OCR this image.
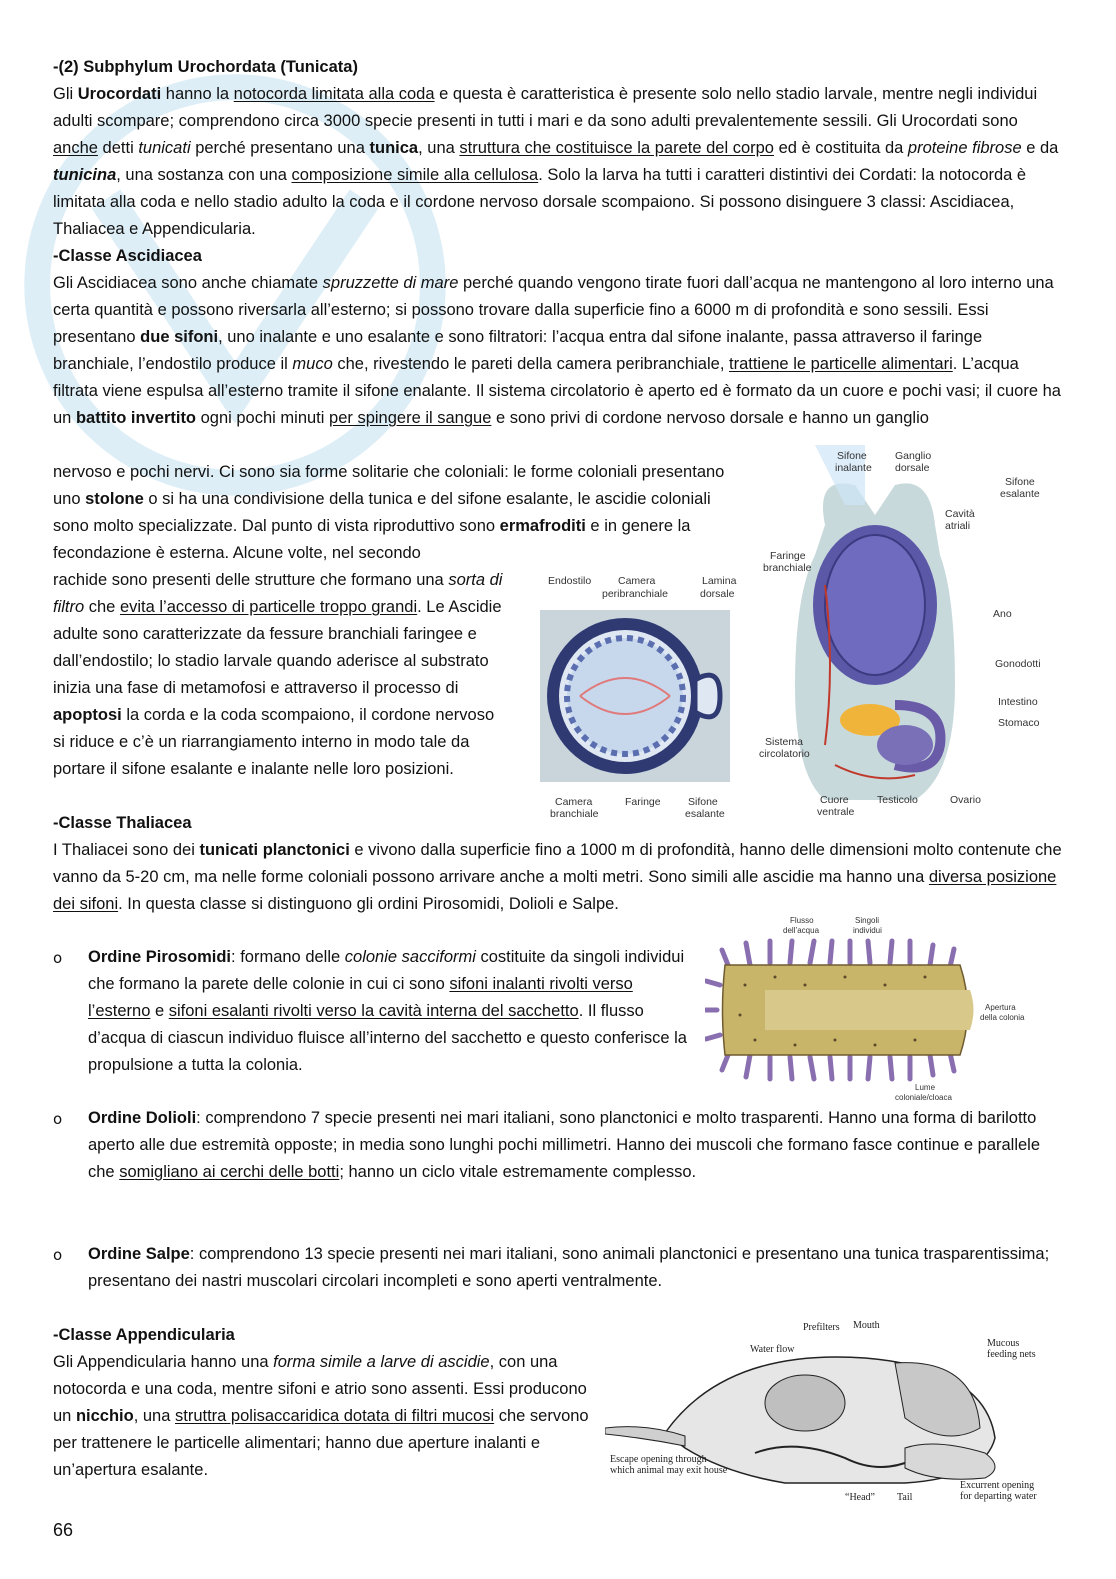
-(2) Subphylum Urochordata (Tunicata)

Gli Urocordati hanno la notocorda limitata alla coda e questa è caratteristica è presente solo nello stadio larvale, mentre negli individui adulti scompare; comprendono circa 3000 specie presenti in tutti i mari e da sono adulti prevalentemente sessili. Gli Urocordati sono anche detti tunicati perché presentano una tunica, una struttura che costituisce la parete del corpo ed è costituita da proteine fibrose e da tunicina, una sostanza con una composizione simile alla cellulosa. Solo la larva ha tutti i caratteri distintivi dei Cordati: la notocorda è limitata alla coda e nello stadio adulto la coda e il cordone nervoso dorsale scompaiono. Si possono disinguere 3 classi: Ascidiacea, Thaliacea e Appendicularia.

-Classe Ascidiacea

Gli Ascidiacea sono anche chiamate spruzzette di mare perché quando vengono tirate fuori dall’acqua ne mantengono al loro interno una certa quantità e possono riversarla all’esterno; si possono trovare dalla superficie fino a 6000 m di profondità e sono sessili. Essi presentano due sifoni, uno inalante e uno esalante e sono filtratori: l’acqua entra dal sifone inalante, passa attraverso il faringe branchiale, l’endostilo produce il muco che, rivestendo le pareti della camera peribranchiale, trattiene le particelle alimentari. L’acqua filtrata viene espulsa all’esterno tramite il sifone enalante. Il sistema circolatorio è aperto ed è formato da un cuore e pochi vasi; il cuore ha un battito invertito ogni pochi minuti per spingere il sangue e sono privi di cordone nervoso dorsale e hanno un ganglio

nervoso e pochi nervi. Ci sono sia forme solitarie che coloniali: le forme coloniali presentano uno stolone o si ha una condivisione della tunica e del sifone esalante, le ascidie coloniali sono molto specializzate. Dal punto di vista riproduttivo sono ermafroditi e in genere la fecondazione è esterna. Alcune volte, nel secondo

rachide sono presenti delle strutture che formano una sorta di filtro che evita l’accesso di particelle troppo grandi. Le Ascidie adulte sono caratterizzate da fessure branchiali faringee e dall’endostilo; lo stadio larvale quando aderisce al substrato inizia una fase di metamofosi e attraverso il processo di apoptosi la corda e la coda scompaiono, il cordone nervoso si riduce e c’è un riarrangiamento interno in modo tale da portare il sifone esalante e inalante nelle loro posizioni.

Endostilo	Camera
peribranchiale
Lamina
dorsale
Camera
branchiale
Faringe	Sifone
esalante
Sifone
inalante
Ganglio
dorsale
Sifone
esalante
Cavità
atriali
Faringe
branchiale
Ano
Gonodotti
Intestino
Stomaco
Sistema
circolatorio
Cuore
ventrale
Testicolo	Ovario

-Classe Thaliacea

I Thaliacei sono dei tunicati planctonici e vivono dalla superficie fino a 1000 m di profondità, hanno delle dimensioni molto contenute che vanno da 5-20 cm, ma nelle forme coloniali possono arrivare anche a molti metri. Sono simili alle ascidie ma hanno una diversa posizione dei sifoni. In questa classe si distinguono gli ordini Pirosomidi, Dolioli e Salpe.

o Ordine Pirosomidi: formano delle colonie sacciformi costituite da singoli individui che formano la parete delle colonie in cui ci sono sifoni inalanti rivolti verso l’esterno e sifoni esalanti rivolti verso la cavità interna del sacchetto. Il flusso d’acqua di ciascun individuo fluisce all’interno del sacchetto e questo conferisce la propulsione a tutta la colonia.

Flusso
dell’acqua
Singoli
individui
Apertura
della colonia
Lume
coloniale/cloaca
o Ordine Dolioli: comprendono 7 specie presenti nei mari italiani, sono planctonici e molto trasparenti. Hanno una forma di barilotto aperto alle due estremità opposte; in media sono lunghi pochi millimetri. Hanno dei muscoli che formano fasce continue e parallele che somigliano ai cerchi delle botti; hanno un ciclo vitale estremamente complesso.

o Ordine Salpe: comprendono 13 specie presenti nei mari italiani, sono animali planctonici e presentano una tunica trasparentissima; presentano dei nastri muscolari circolari incompleti e sono aperti ventralmente.

-Classe Appendicularia

Gli Appendicularia hanno una forma simile a larve di ascidie, con una notocorda e una coda, mentre sifoni e atrio sono assenti. Essi producono un nicchio, una struttra polisaccaridica dotata di filtri mucosi che servono per trattenere le particelle alimentari; hanno due aperture inalanti e un’apertura esalante.

Prefilters Mouth
Mucous
feeding nets
Water flow
Escape opening through
which animal may exit house
“Head” Tail
Excurrent opening
for departing water
66
